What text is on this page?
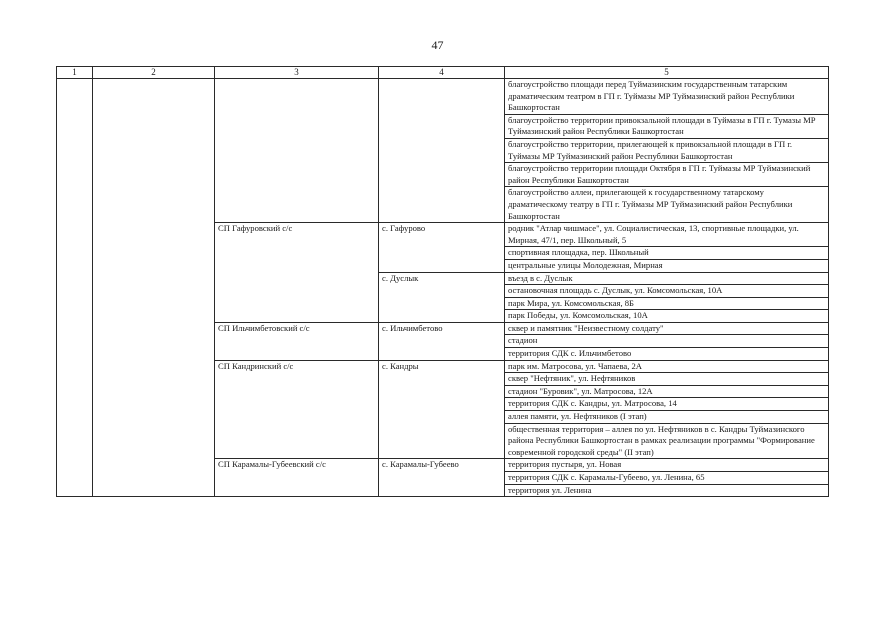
47
1	2	3	4	5
				благоустройство площади перед Туймазинским государственным татарским драматическим театром в ГП г. Туймазы МР Туймазинский район Республики Башкортостан
				благоустройство территории привокзальной площади в Туймазы в ГП г. Тумазы МР Туймазинский район Республики Башкортостан
				благоустройство территории, прилегающей к привокзальной площади в ГП г. Туймазы МР Туймазинский район Республики Башкортостан
				благоустройство территории площади Октября в ГП г. Туймазы МР Туймазинский район Республики Башкортостан
				благоустройство аллеи, прилегающей к государственному татарскому драматическому театру в ГП г. Туймазы МР Туймазинский район Республики Башкортостан
		СП Гафуровский с/с	с. Гафурово	родник "Атлар чишмасе", ул. Социалистическая, 13, спортивные площадки, ул. Мирная, 47/1, пер. Школьный, 5
				спортивная площадка, пер. Школьный
				центральные улицы Молодежная, Мирная
			с. Дуслык	въезд в с. Дуслык
				остановочная площадь с. Дуслык, ул. Комсомольская, 10А
				парк Мира, ул. Комсомольская, 8Б
				парк Победы, ул. Комсомольская, 10А
		СП Ильчимбетовский с/с	с. Ильчимбетово	сквер и памятник "Неизвестному солдату"
				стадион
				территория СДК с. Ильчимбетово
		СП Кандринский с/с	с. Кандры	парк им. Матросова, ул. Чапаева, 2А
				сквер "Нефтяник", ул. Нефтяников
				стадион "Буровик", ул. Матросова, 12А
				территория СДК с. Кандры, ул. Матросова, 14
				аллея памяти, ул. Нефтяников (I этап)
				общественная территория – аллея по ул. Нефтяников в с. Кандры Туймазинского района Республики Башкортостан в рамках реализации программы "Формирование современной городской среды" (II этап)
		СП Карамалы-Губеевский с/с	с. Карамалы-Губеево	территория пустыря, ул. Новая
				территория СДК с. Карамалы-Губеево, ул. Ленина, 65
				территория ул. Ленина
